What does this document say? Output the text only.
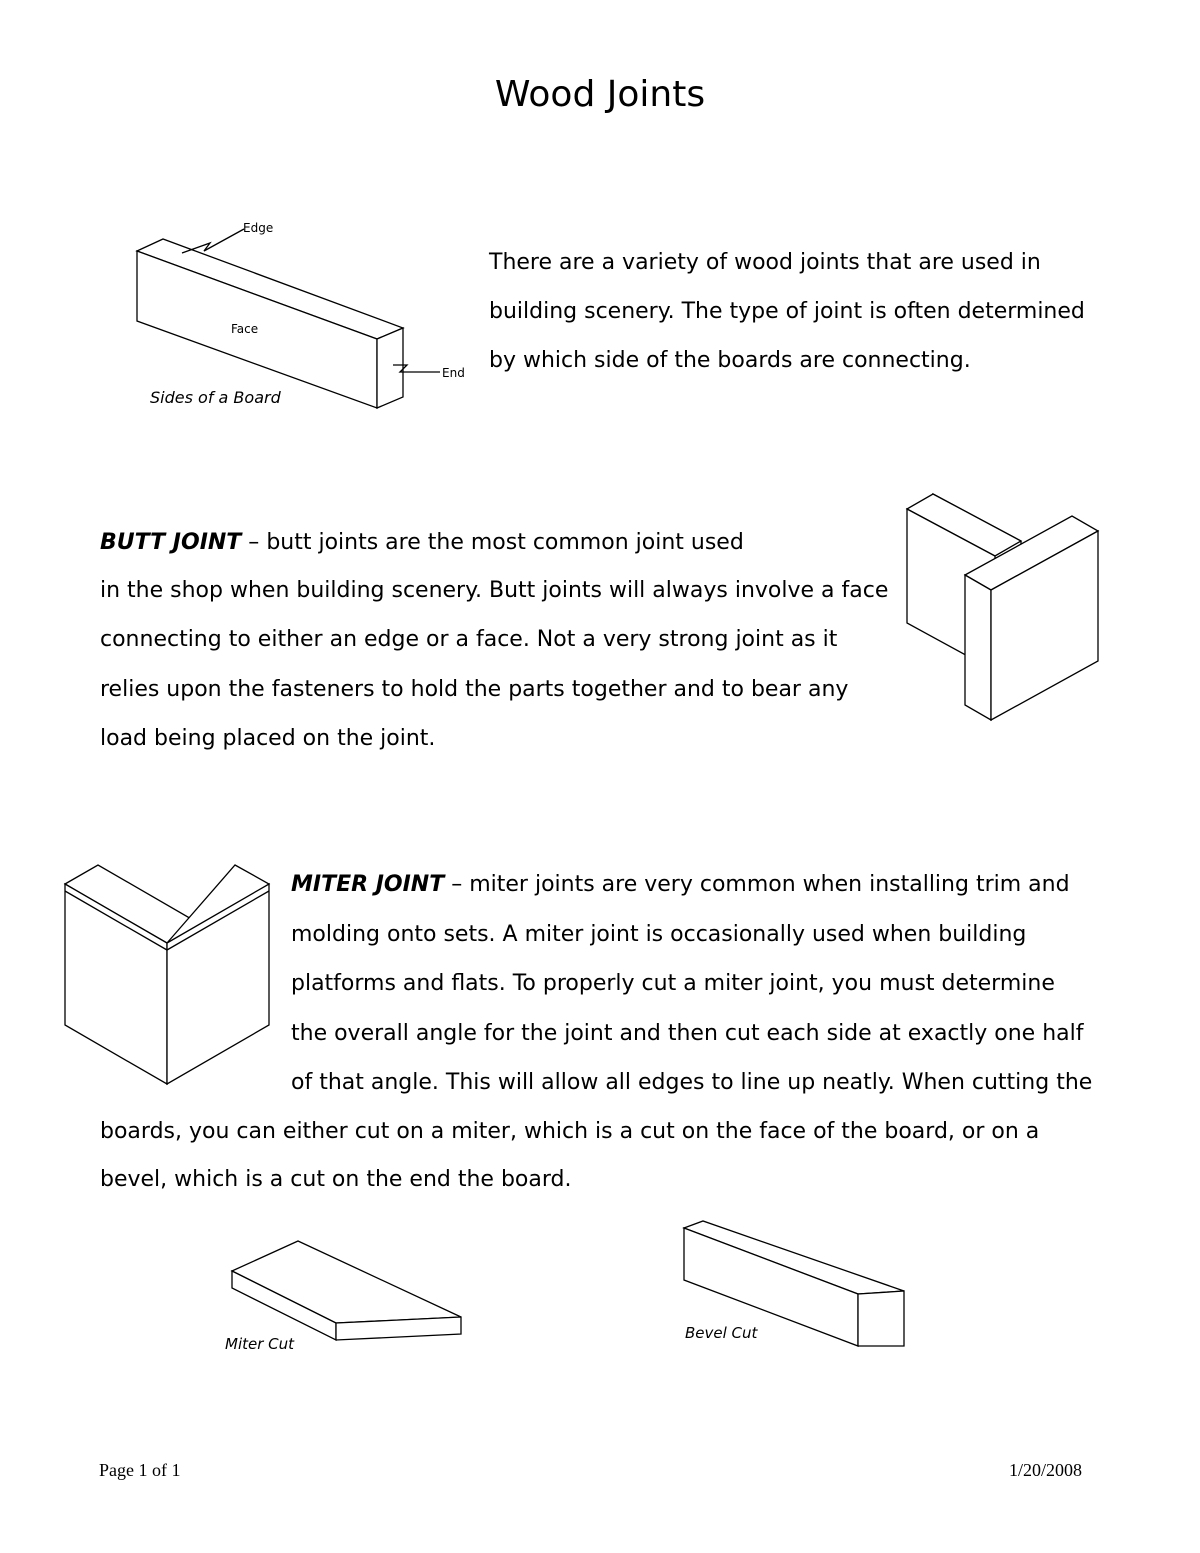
Wood Joints
Edge
Face
End
Sides of a Board
There are a variety of wood joints that are used in
building scenery. The type of joint is often determined
by which side of the boards are connecting.
BUTT JOINT – butt joints are the most common joint used
in the shop when building scenery. Butt joints will always involve a face
connecting to either an edge or a face. Not a very strong joint as it
relies upon the fasteners to hold the parts together and to bear any
load being placed on the joint.
MITER JOINT – miter joints are very common when installing trim and
molding onto sets. A miter joint is occasionally used when building
platforms and flats. To properly cut a miter joint, you must determine
the overall angle for the joint and then cut each side at exactly one half
of that angle. This will allow all edges to line up neatly. When cutting the
boards, you can either cut on a miter, which is a cut on the face of the board, or on a
bevel, which is a cut on the end the board.
Miter Cut
Bevel Cut
Page 1 of 1	1/20/2008
